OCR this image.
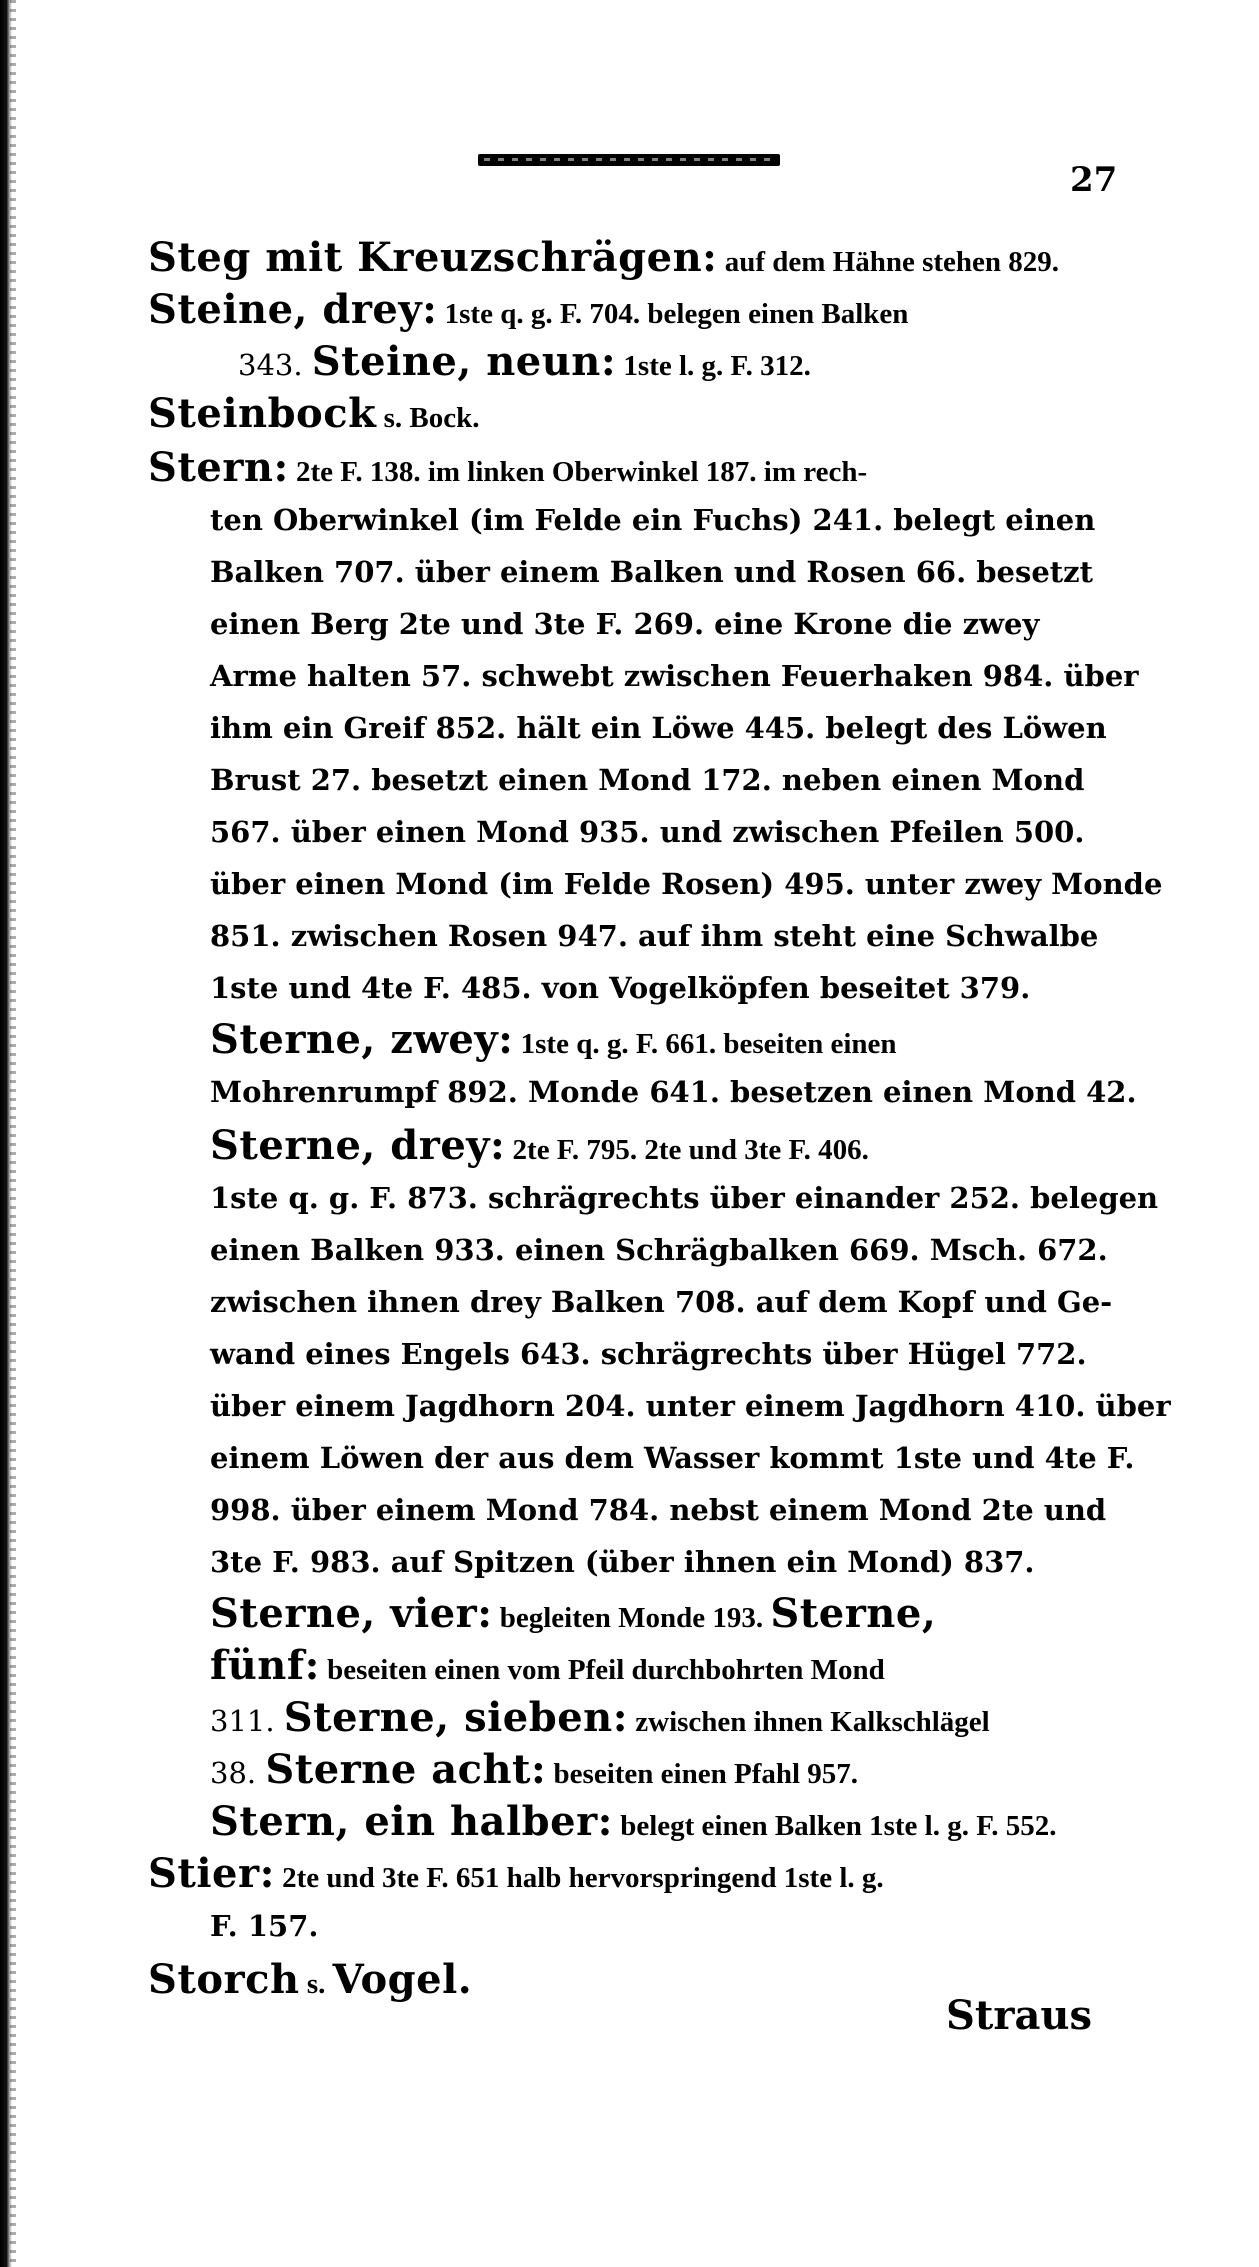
27
Steg mit Kreuzschrägen: auf dem Hähne stehen 829.
Steine, drey: 1ste q. g. F. 704. belegen einen Balken
343. Steine, neun: 1ste l. g. F. 312.
Steinbock s. Bock.
Stern: 2te F. 138. im linken Oberwinkel 187. im rech-
ten Oberwinkel (im Felde ein Fuchs) 241. belegt einen
Balken 707. über einem Balken und Rosen 66. besetzt
einen Berg 2te und 3te F. 269. eine Krone die zwey
Arme halten 57. schwebt zwischen Feuerhaken 984. über
ihm ein Greif 852. hält ein Löwe 445. belegt des Löwen
Brust 27. besetzt einen Mond 172. neben einen Mond
567. über einen Mond 935. und zwischen Pfeilen 500.
über einen Mond (im Felde Rosen) 495. unter zwey Monde
851. zwischen Rosen 947. auf ihm steht eine Schwalbe
1ste und 4te F. 485. von Vogelköpfen beseitet 379.
Sterne, zwey: 1ste q. g. F. 661. beseiten einen
Mohrenrumpf 892. Monde 641. besetzen einen Mond 42.
Sterne, drey: 2te F. 795. 2te und 3te F. 406.
1ste q. g. F. 873. schrägrechts über einander 252. belegen
einen Balken 933. einen Schrägbalken 669. Msch. 672.
zwischen ihnen drey Balken 708. auf dem Kopf und Ge-
wand eines Engels 643. schrägrechts über Hügel 772.
über einem Jagdhorn 204. unter einem Jagdhorn 410. über
einem Löwen der aus dem Wasser kommt 1ste und 4te F.
998. über einem Mond 784. nebst einem Mond 2te und
3te F. 983. auf Spitzen (über ihnen ein Mond) 837.
Sterne, vier: begleiten Monde 193. Sterne,
fünf: beseiten einen vom Pfeil durchbohrten Mond
311. Sterne, sieben: zwischen ihnen Kalkschlägel
38. Sterne acht: beseiten einen Pfahl 957.
Stern, ein halber: belegt einen Balken 1ste l. g. F. 552.
Stier: 2te und 3te F. 651 halb hervorspringend 1ste l. g.
F. 157.
Storch s. Vogel.
Straus
